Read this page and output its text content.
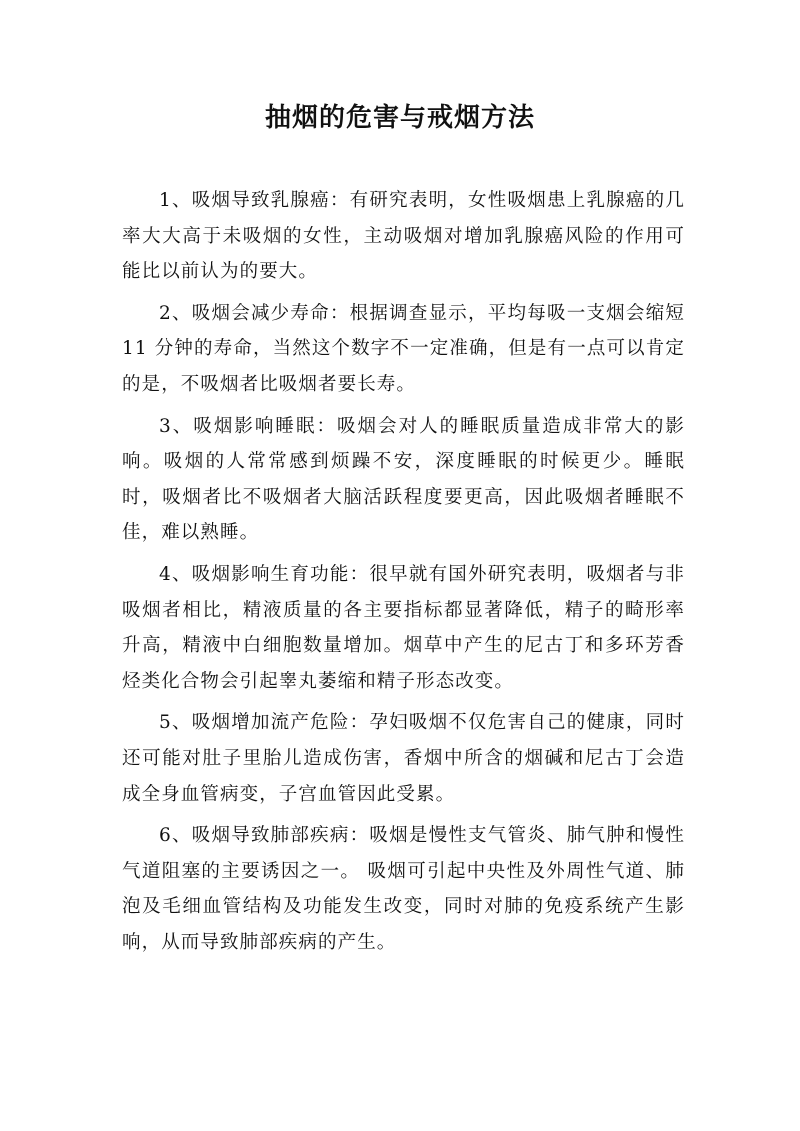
抽烟的危害与戒烟方法

1、吸烟导致乳腺癌：有研究表明，女性吸烟患上乳腺癌的几率大大高于未吸烟的女性，主动吸烟对增加乳腺癌风险的作用可能比以前认为的要大。

2、吸烟会减少寿命：根据调查显示，平均每吸一支烟会缩短 11 分钟的寿命，当然这个数字不一定准确，但是有一点可以肯定的是，不吸烟者比吸烟者要长寿。

3、吸烟影响睡眠：吸烟会对人的睡眠质量造成非常大的影响。吸烟的人常常感到烦躁不安，深度睡眠的时候更少。睡眠时，吸烟者比不吸烟者大脑活跃程度要更高，因此吸烟者睡眠不佳，难以熟睡。

4、吸烟影响生育功能：很早就有国外研究表明，吸烟者与非吸烟者相比，精液质量的各主要指标都显著降低，精子的畸形率升高，精液中白细胞数量增加。烟草中产生的尼古丁和多环芳香烃类化合物会引起睾丸萎缩和精子形态改变。

5、吸烟增加流产危险：孕妇吸烟不仅危害自己的健康，同时还可能对肚子里胎儿造成伤害，香烟中所含的烟碱和尼古丁会造成全身血管病变，子宫血管因此受累。

6、吸烟导致肺部疾病：吸烟是慢性支气管炎、肺气肿和慢性气道阻塞的主要诱因之一。 吸烟可引起中央性及外周性气道、肺泡及毛细血管结构及功能发生改变，同时对肺的免疫系统产生影响，从而导致肺部疾病的产生。
